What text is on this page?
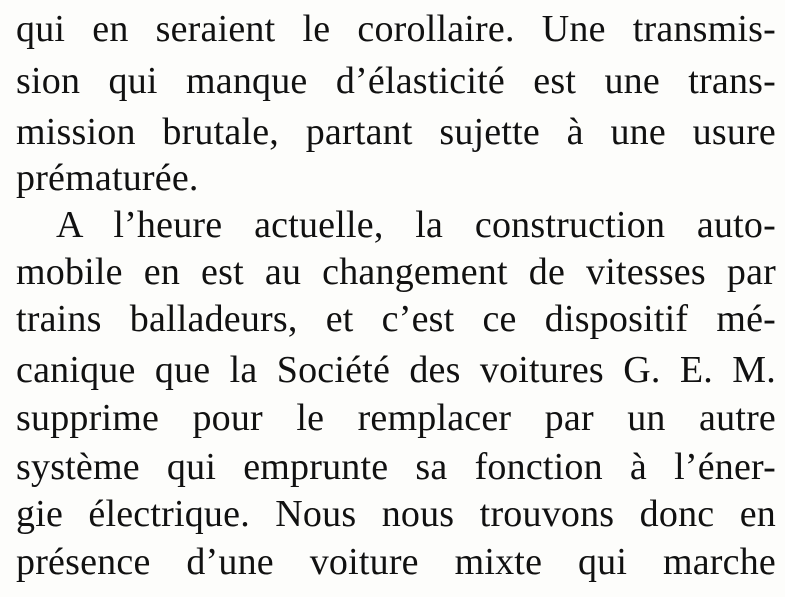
qui en seraient le corollaire. Une transmis-
sion qui manque d’élasticité est une trans-
mission brutale, partant sujette à une usure
prématurée.
A l’heure actuelle, la construction auto-
mobile en est au changement de vitesses par
trains balladeurs, et c’est ce dispositif mé-
canique que la Société des voitures G. E. M.
supprime pour le remplacer par un autre
système qui emprunte sa fonction à l’éner-
gie électrique. Nous nous trouvons donc en
présence d’une voiture mixte qui marche
